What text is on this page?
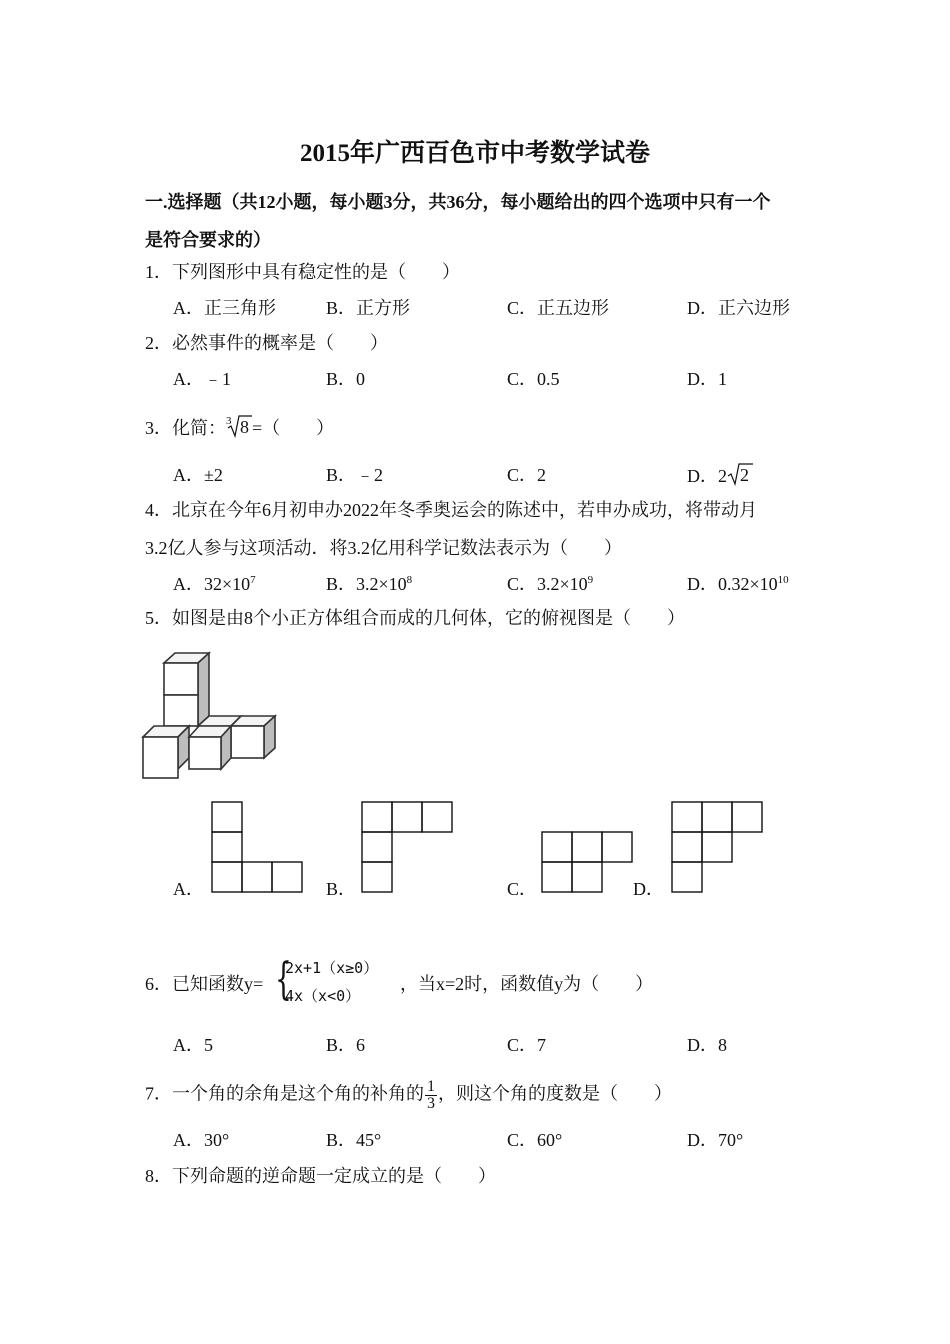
2015年广西百色市中考数学试卷
一.选择题（共12小题，每小题3分，共36分，每小题给出的四个选项中只有一个
是符合要求的）
1．下列图形中具有稳定性的是（　　）
A．正三角形	B．正方形	C．正五边形	D．正六边形
2．必然事件的概率是（　　）
A．﹣1	B．0	C．0.5	D．1
3．化简： 3 8 =（　　）
A．±2	B．﹣2	C．2	D．2 2
4．北京在今年6月初申办2022年冬季奥运会的陈述中，若申办成功，将带动月
3.2亿人参与这项活动．将3.2亿用科学记数法表示为（　　）
A．$32\times 10^7$	B．$3.2\times 10^8$	C．$3.2\times 10^9$	D．$0.32\times 10^{10}$
5．如图是由8个小正方体组合而成的几何体，它的俯视图是（　　）
A．	B．	C．	D．
6．已知函数y= {
2x+1（x≥0）
4x（x<0）
，当x=2时，函数值y为（　　）
A．5	B．6	C．7	D．8
7．一个角的余角是这个角的补角的 $\frac{1}{3}$ ，则这个角的度数是（　　）
A．30°	B．45°	C．60°	D．70°
8．下列命题的逆命题一定成立的是（　　）
